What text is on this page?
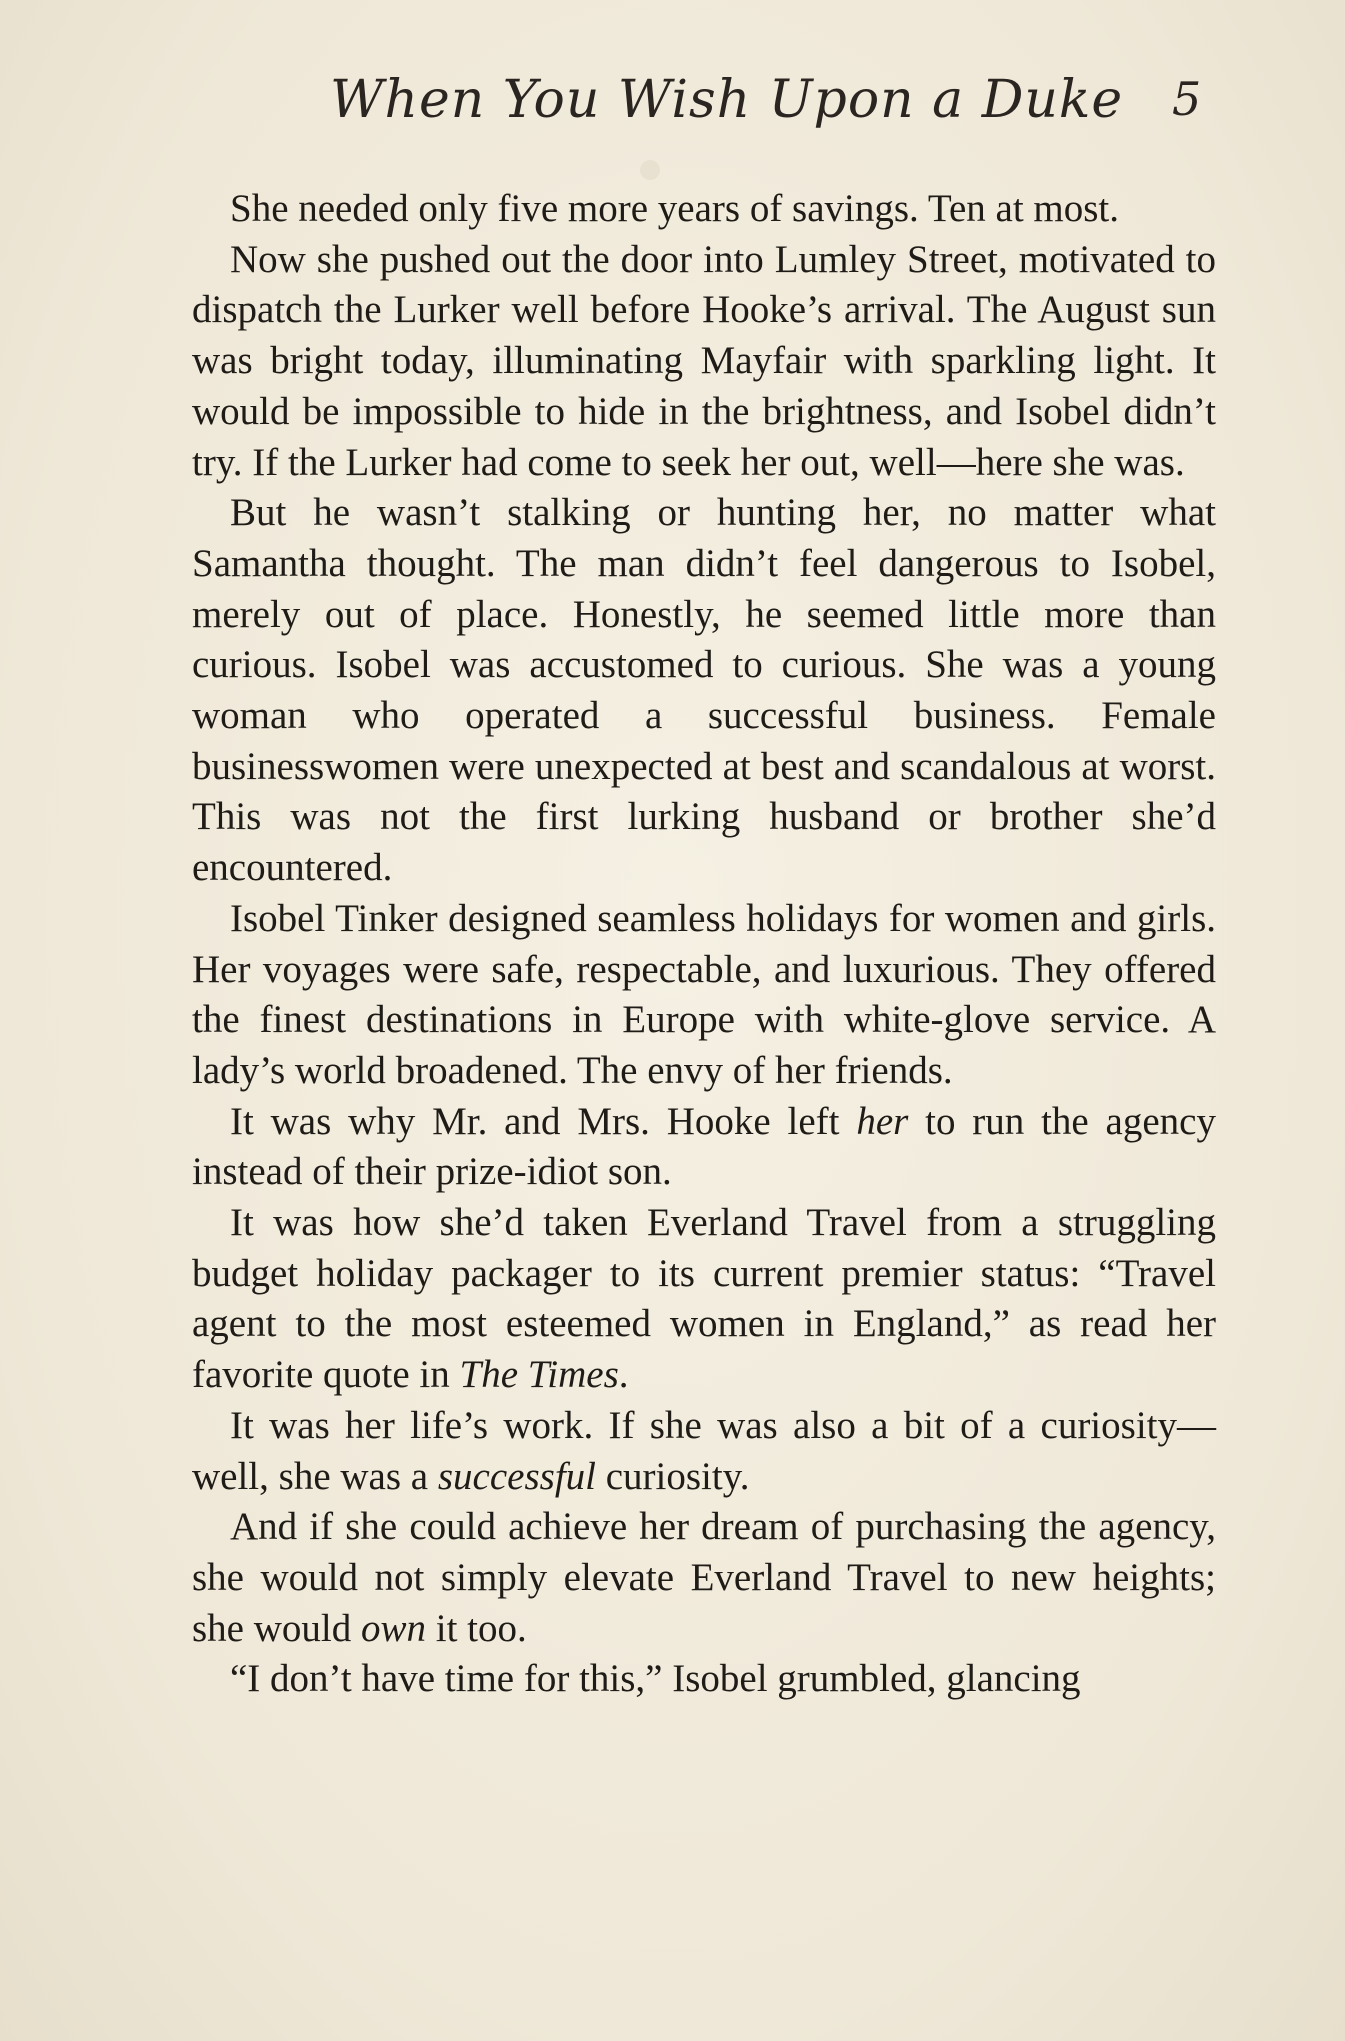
When You Wish Upon a Duke 5

She needed only five more years of savings. Ten at most.

Now she pushed out the door into Lumley Street, motivated to dispatch the Lurker well before Hooke’s arrival. The August sun was bright today, illuminating Mayfair with sparkling light. It would be impossible to hide in the brightness, and Isobel didn’t try. If the Lurker had come to seek her out, well—here she was.

But he wasn’t stalking or hunting her, no matter what Samantha thought. The man didn’t feel dangerous to Isobel, merely out of place. Honestly, he seemed little more than curious. Isobel was accustomed to curious. She was a young woman who operated a successful business. Female businesswomen were unexpected at best and scandalous at worst. This was not the first lurking husband or brother she’d encountered.

Isobel Tinker designed seamless holidays for women and girls. Her voyages were safe, respectable, and luxurious. They offered the finest destinations in Europe with white-glove service. A lady’s world broadened. The envy of her friends.

It was why Mr. and Mrs. Hooke left her to run the agency instead of their prize-idiot son.

It was how she’d taken Everland Travel from a struggling budget holiday packager to its current premier status: “Travel agent to the most esteemed women in England,” as read her favorite quote in The Times.

It was her life’s work. If she was also a bit of a curiosity—well, she was a successful curiosity.

And if she could achieve her dream of purchasing the agency, she would not simply elevate Everland Travel to new heights; she would own it too.

“I don’t have time for this,” Isobel grumbled, glancing
